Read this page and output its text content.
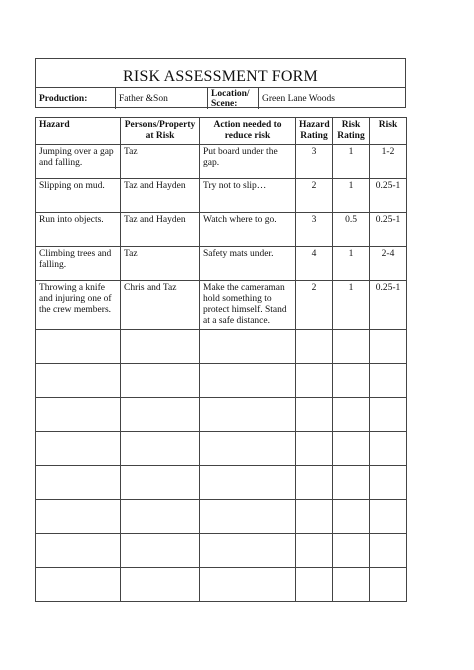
RISK ASSESSMENT FORM
Production:	Father &Son	Location/ Scene:	Green Lane Woods
Hazard	Persons/Property at Risk	Action needed to reduce risk	Hazard Rating	Risk Rating	Risk
Jumping over a gap and falling.	Taz	Put board under the gap.	3	1	1-2
Slipping on mud.	Taz and Hayden	Try not to slip…	2	1	0.25-1
Run into objects.	Taz and Hayden	Watch where to go.	3	0.5	0.25-1
Climbing trees and falling.	Taz	Safety mats under.	4	1	2-4
Throwing a knife and injuring one of the crew members.	Chris and Taz	Make the cameraman hold something to protect himself. Stand at a safe distance.	2	1	0.25-1
